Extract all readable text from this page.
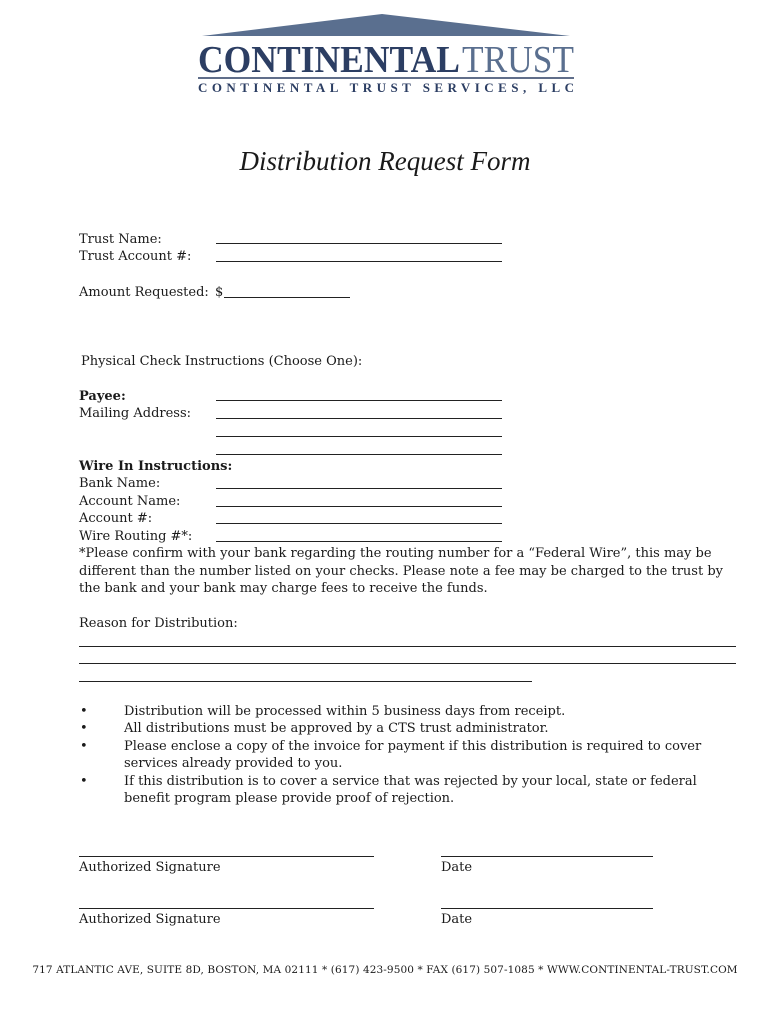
CONTINENTAL TRUST
CONTINENTAL TRUST SERVICES, LLC
Distribution Request Form
Trust Name:
Trust Account #:
Amount Requested: $
Physical Check Instructions (Choose One):
Payee:
Mailing Address:
Wire In Instructions:
Bank Name:
Account Name:
Account #:
Wire Routing #*:
*Please confirm with your bank regarding the routing number for a “Federal Wire”, this may be different than the number listed on your checks. Please note a fee may be charged to the trust by the bank and your bank may charge fees to receive the funds.
Reason for Distribution:
•	Distribution will be processed within 5 business days from receipt.
•	All distributions must be approved by a CTS trust administrator.
•	Please enclose a copy of the invoice for payment if this distribution is required to cover services already provided to you.
•	If this distribution is to cover a service that was rejected by your local, state or federal benefit program please provide proof of rejection.
Authorized Signature	Date
Authorized Signature	Date
717 ATLANTIC AVE, SUITE 8D, BOSTON, MA 02111 * (617) 423-9500 * FAX (617) 507-1085 * WWW.CONTINENTAL-TRUST.COM
